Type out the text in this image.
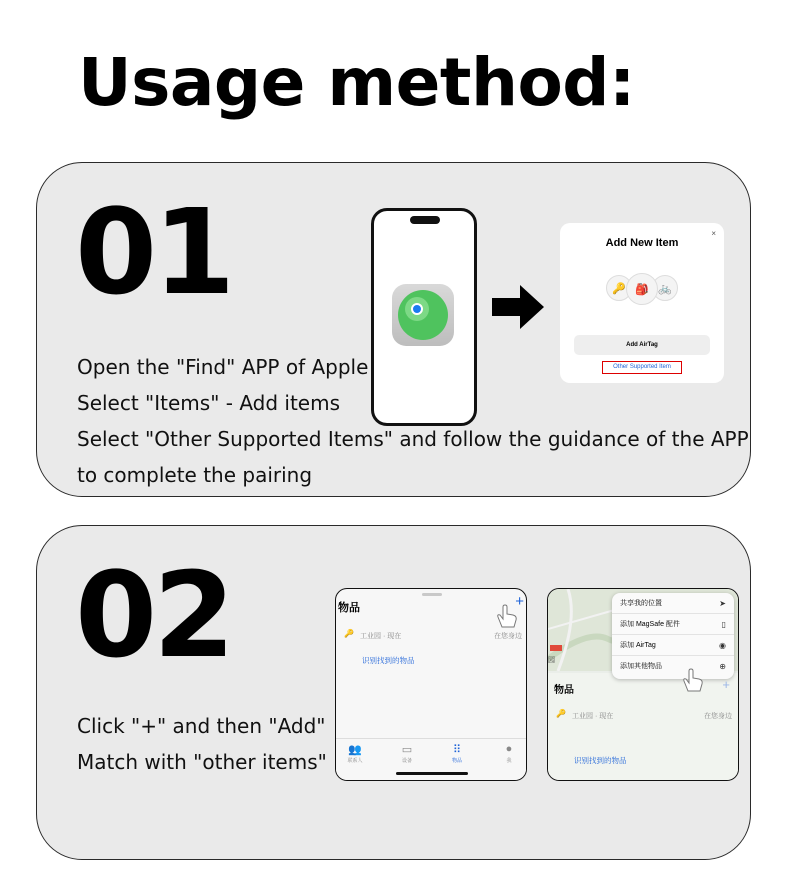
Usage method:
01
Open the "Find" APP of Apple
Select "Items" - Add items
Select "Other Supported Items" and follow the guidance of the APP
to complete the pairing
×
Add New Item
🔑 🎒 🚲
Add AirTag
Other Supported Item
02
Click "+" and then "Add"
Match with "other items"
物品	+
🔑 工业园 · 现在	在您身边
识别找到的物品
👥
联系人
▭
设备
⠿
物品
●
我
园
共享我的位置	➤
添加 MagSafe 配件	▯
添加 AirTag	◉
添加其他物品	⊕
物品	+
🔑 工业园 · 现在	在您身边
识别找到的物品
